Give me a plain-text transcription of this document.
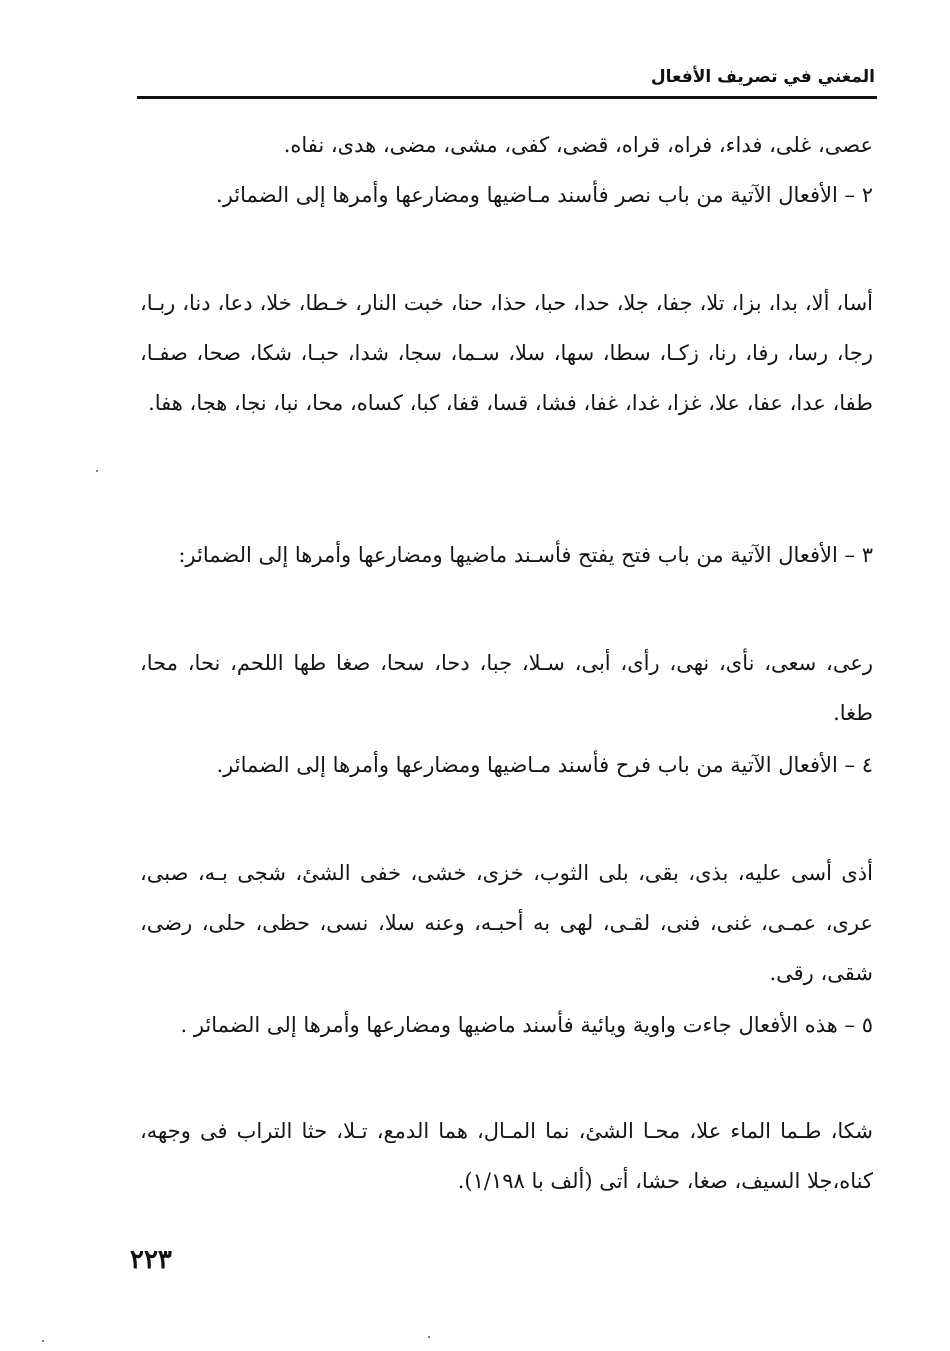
المغني في تصريف الأفعال
عصى، غلى، فداء، فراه، قراه، قضى، كفى، مشى، مضى، هدى، نفاه.
٢ – الأفعال الآتية من باب نصر فأسند مـاضيها ومضارعها وأمرها إلى الضمائر.
أسا، ألا، بدا، بزا، تلا، جفا، جلا، حدا، حبا، حذا، حنا، خبت النار، خـطا، خلا، دعا، دنا، ربـا، رجا، رسا، رفا، رنا، زكـا، سطا، سها، سلا، سـما، سجا، شدا، حبـا، شكا، صحا، صفـا، طفا، عدا، عفا، علا، غزا، غدا، غفا، فشا، قسا، قفا، كبا، كساه، محا، نبا، نجا، هجا، هفا.
٣ – الأفعال الآتية من باب فتح يفتح فأسـند ماضيها ومضارعها وأمرها إلى الضمائر:
رعى، سعى، نأى، نهى، رأى، أبى، سـلا، جبا، دحا، سحا، صغا طها اللحم، نحا، محا، طغا.
٤ – الأفعال الآتية من باب فرح فأسند مـاضيها ومضارعها وأمرها إلى الضمائر.
أذى أسى عليه، بذى، بقى، بلى الثوب، خزى، خشى، خفى الشئ، شجى بـه، صبى، عرى، عمـى، غنى، فنى، لقـى، لهى به أحبـه، وعنه سلا، نسى، حظى، حلى، رضى، شقى، رقى.
٥ – هذه الأفعال جاءت واوية ويائية فأسند ماضيها ومضارعها وأمرها إلى الضمائر .
شكا، طـما الماء علا، محـا الشئ، نما المـال، هما الدمع، تـلا، حثا التراب فى وجهه، كناه،جلا السيف، صغا، حشا، أتى (ألف با ١/١٩٨).
٢٢٣
